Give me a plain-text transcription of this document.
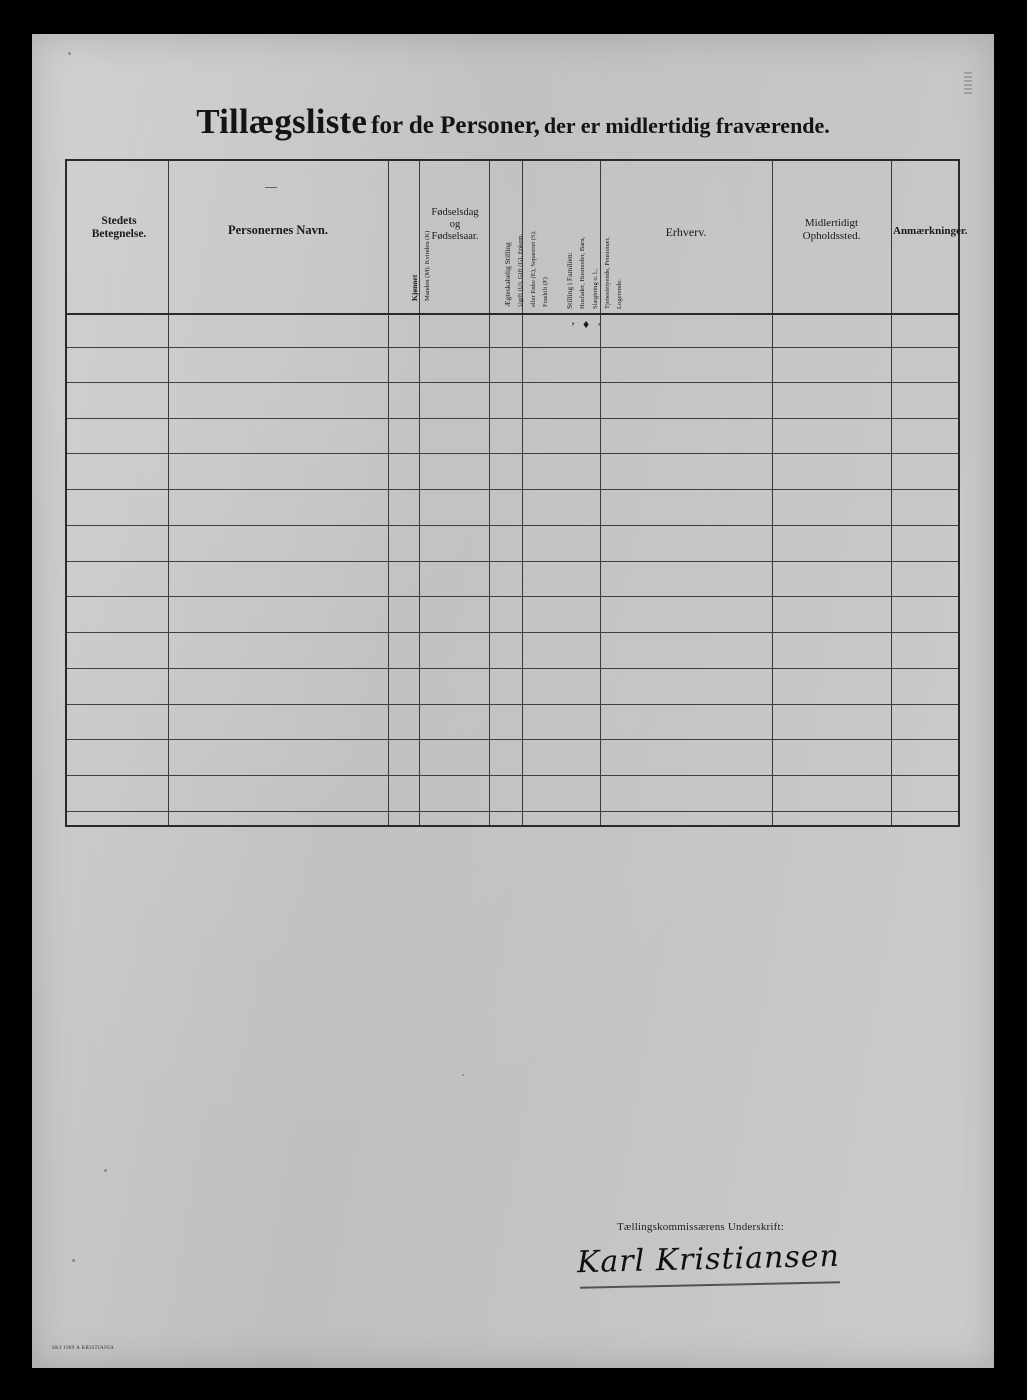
Tillægsliste for de Personer, der er midlertidig fraværende.
Stedets
Betegnelse.	Personernes Navn.
Kjønnet Manden (M). Kvinden (K)
Fødselsdag
og
Fødselsaar.
Ægteskabelig Stilling Ugift (U), Gift (G), Enkem. eller Enke (E), Separeret (S). Fraskilt (F) Stilling i Familien: Husfader, Husmoder, Barn, Slægtning o. l., Tjenestetyende, Pensionær, Logerende.
Erhverv.
Midlertidigt
Opholdssted.	Anmærkninger.
’ ♦ ʹ
—
Tællingskommissærens Underskrift:
Karl Kristiansen
SKJ 1989 A KRISTIANIA
